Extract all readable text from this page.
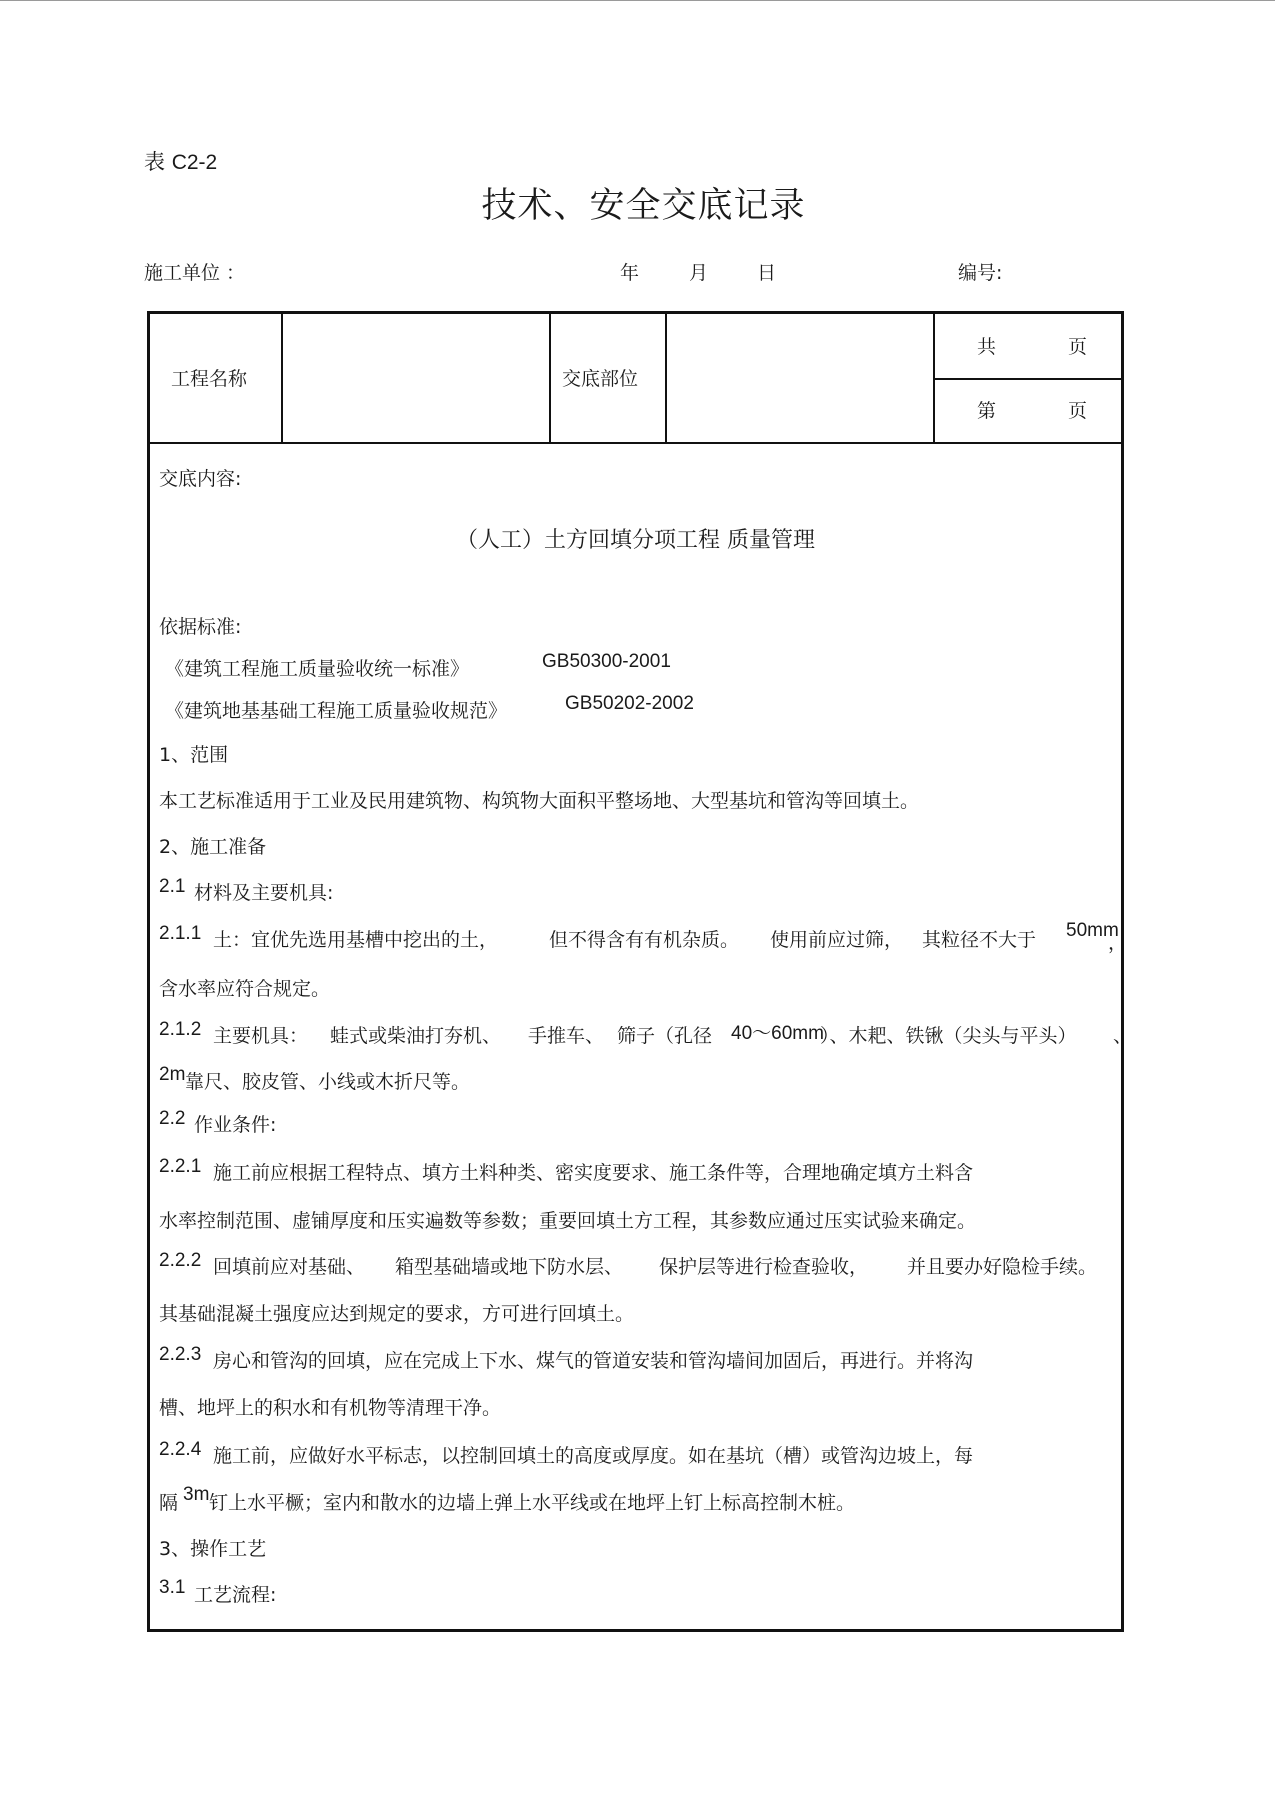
表 C2-2
技术、安全交底记录
施工单位 ：	年	月	日	编号:
工程名称	交底部位
共	页
第	页
交底内容:
（人工）土方回填分项工程 质量管理
依据标准:
《建筑工程施工质量验收统一标准》	GB50300-2001
《建筑地基基础工程施工质量验收规范》	GB50202-2002
1、范围
本工艺标准适用于工业及民用建筑物、构筑物大面积平整场地、大型基坑和管沟等回填土。
2、施工准备
2.1 材料及主要机具:
2.1.1 土：宜优先选用基槽中挖出的土，	但不得含有有机杂质。 使用前应过筛， 其粒径不大于 50mm
，
含水率应符合规定。
2.1.2 主要机具： 蛙式或柴油打夯机、 手推车、 筛子（孔径 40～60mm
）、木耙、铁锹（尖头与平头） 、
2m 靠尺、胶皮管、小线或木折尺等。
2.2 作业条件:
2.2.1 施工前应根据工程特点、填方土料种类、密实度要求、施工条件等，合理地确定填方土料含
水率控制范围、虚铺厚度和压实遍数等参数；重要回填土方工程，其参数应通过压实试验来确定。
2.2.2 回填前应对基础、 箱型基础墙或地下防水层、 保护层等进行检查验收， 并且要办好隐检手续。
其基础混凝土强度应达到规定的要求，方可进行回填土。
2.2.3 房心和管沟的回填，应在完成上下水、煤气的管道安装和管沟墙间加固后，再进行。并将沟
槽、地坪上的积水和有机物等清理干净。
2.2.4 施工前，应做好水平标志，以控制回填土的高度或厚度。如在基坑（槽）或管沟边坡上，每
隔 3m 钉上水平橛；室内和散水的边墙上弹上水平线或在地坪上钉上标高控制木桩。
3、操作工艺
3.1 工艺流程:
